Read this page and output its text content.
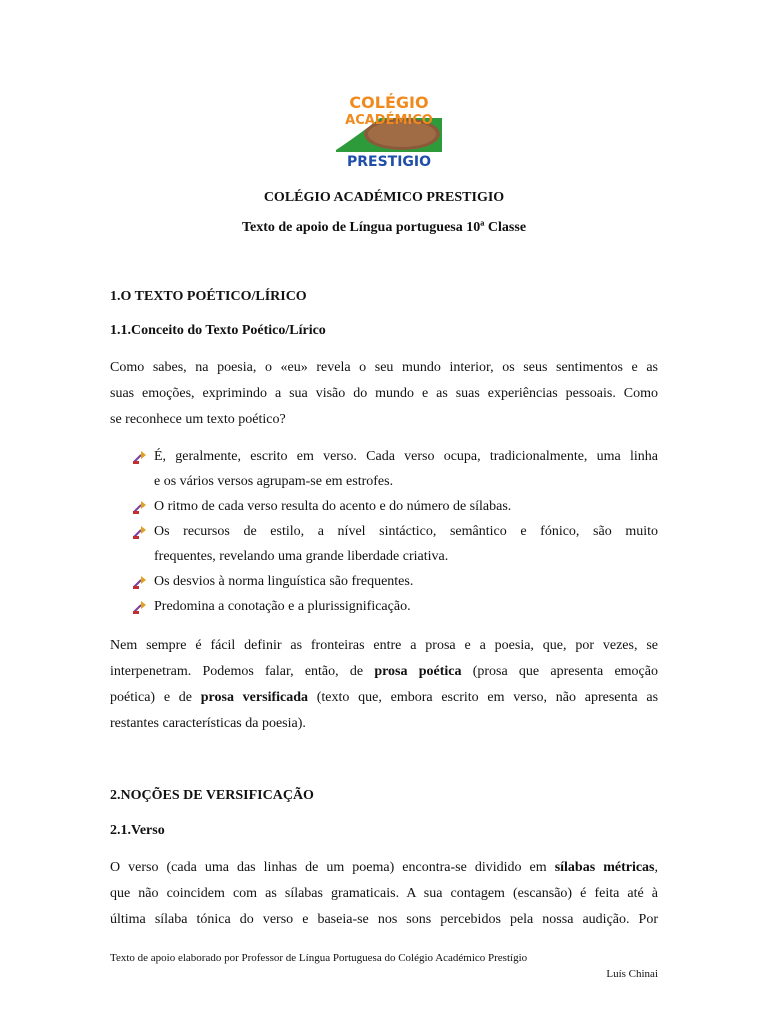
COLÉGIO
ACADÉMICO
PRESTIGIO
COLÉGIO ACADÉMICO PRESTIGIO
Texto de apoio de Língua portuguesa 10ª Classe
1.O TEXTO POÉTICO/LÍRICO
1.1.Conceito do Texto Poético/Lírico
Como sabes, na poesia, o «eu» revela o seu mundo interior, os seus sentimentos e as
suas emoções, exprimindo a sua visão do mundo e as suas experiências pessoais. Como
se reconhece um texto poético?
É, geralmente, escrito em verso. Cada verso ocupa, tradicionalmente, uma linha
e os vários versos agrupam-se em estrofes.
O ritmo de cada verso resulta do acento e do número de sílabas.
Os recursos de estilo, a nível sintáctico, semântico e fónico, são muito
frequentes, revelando uma grande liberdade criativa.
Os desvios à norma linguística são frequentes.
Predomina a conotação e a plurissignificação.
Nem sempre é fácil definir as fronteiras entre a prosa e a poesia, que, por vezes, se
interpenetram. Podemos falar, então, de prosa poética (prosa que apresenta emoção
poética) e de prosa versificada (texto que, embora escrito em verso, não apresenta as
restantes características da poesia).
2.NOÇÕES DE VERSIFICAÇÃO
2.1.Verso
O verso (cada uma das linhas de um poema) encontra-se dividido em sílabas métricas,
que não coincidem com as sílabas gramaticais. A sua contagem (escansão) é feita até à
última sílaba tónica do verso e baseia-se nos sons percebidos pela nossa audição. Por
Texto de apoio elaborado por Professor de Língua Portuguesa do Colégio Académico Prestígio
Luís Chinai
